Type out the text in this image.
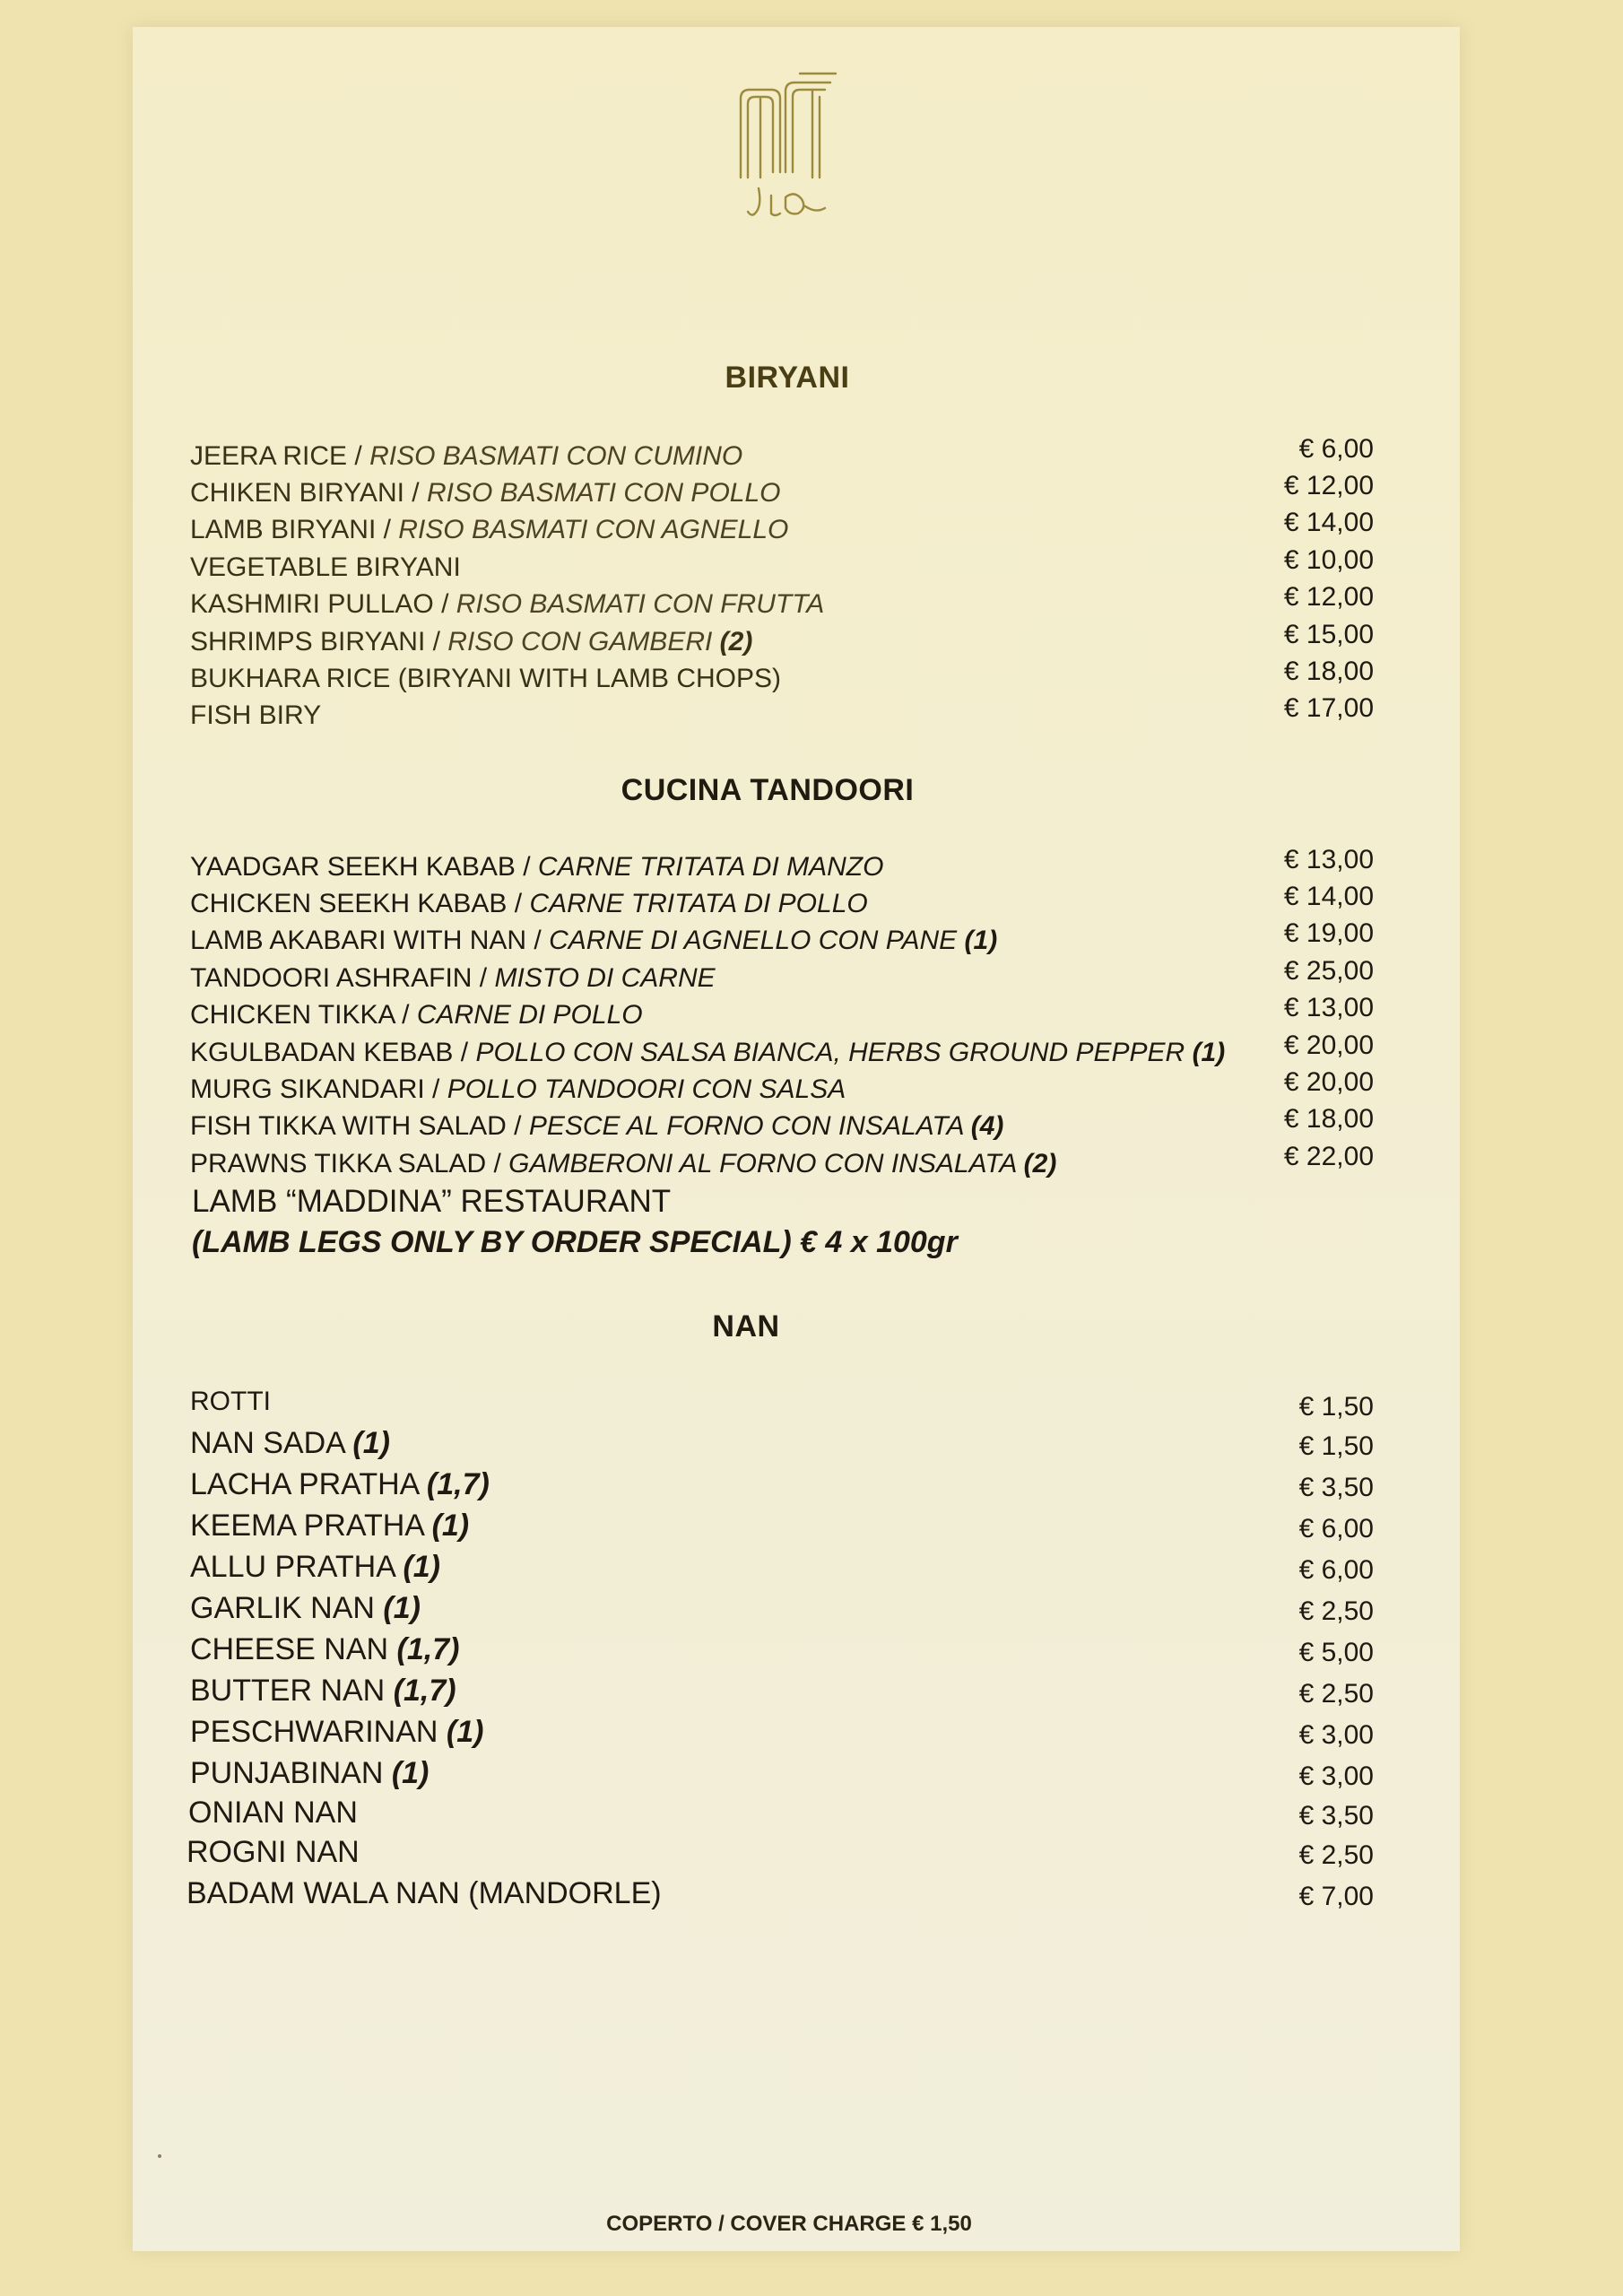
BIRYANI
JEERA RICE / RISO BASMATI CON CUMINO	€ 6,00
CHIKEN BIRYANI / RISO BASMATI CON POLLO	€ 12,00
LAMB BIRYANI / RISO BASMATI CON AGNELLO	€ 14,00
VEGETABLE BIRYANI	€ 10,00
KASHMIRI PULLAO / RISO BASMATI CON FRUTTA	€ 12,00
SHRIMPS BIRYANI / RISO CON GAMBERI (2)	€ 15,00
BUKHARA RICE (BIRYANI WITH LAMB CHOPS)	€ 18,00
FISH BIRY	€ 17,00
CUCINA TANDOORI
YAADGAR SEEKH KABAB / CARNE TRITATA DI MANZO	€ 13,00
CHICKEN SEEKH KABAB / CARNE TRITATA DI POLLO	€ 14,00
LAMB AKABARI WITH NAN / CARNE DI AGNELLO CON PANE (1)	€ 19,00
TANDOORI ASHRAFIN / MISTO DI CARNE	€ 25,00
CHICKEN TIKKA / CARNE DI POLLO	€ 13,00
KGULBADAN KEBAB / POLLO CON SALSA BIANCA, HERBS GROUND PEPPER (1) € 20,00
MURG SIKANDARI / POLLO TANDOORI CON SALSA	€ 20,00
FISH TIKKA WITH SALAD / PESCE AL FORNO CON INSALATA (4)	€ 18,00
PRAWNS TIKKA SALAD / GAMBERONI AL FORNO CON INSALATA (2)	€ 22,00
LAMB “MADDINA” RESTAURANT
(LAMB LEGS ONLY BY ORDER SPECIAL) € 4 x 100gr
NAN
ROTTI	€ 1,50
NAN SADA (1)	€ 1,50
LACHA PRATHA (1,7)	€ 3,50
KEEMA PRATHA (1)	€ 6,00
ALLU PRATHA (1)	€ 6,00
GARLIK NAN (1)	€ 2,50
CHEESE NAN (1,7)	€ 5,00
BUTTER NAN (1,7)	€ 2,50
PESCHWARINAN (1)	€ 3,00
PUNJABINAN (1)	€ 3,00
ONIAN NAN	€ 3,50
ROGNI NAN	€ 2,50
BADAM WALA NAN (MANDORLE)	€ 7,00
COPERTO / COVER CHARGE € 1,50
